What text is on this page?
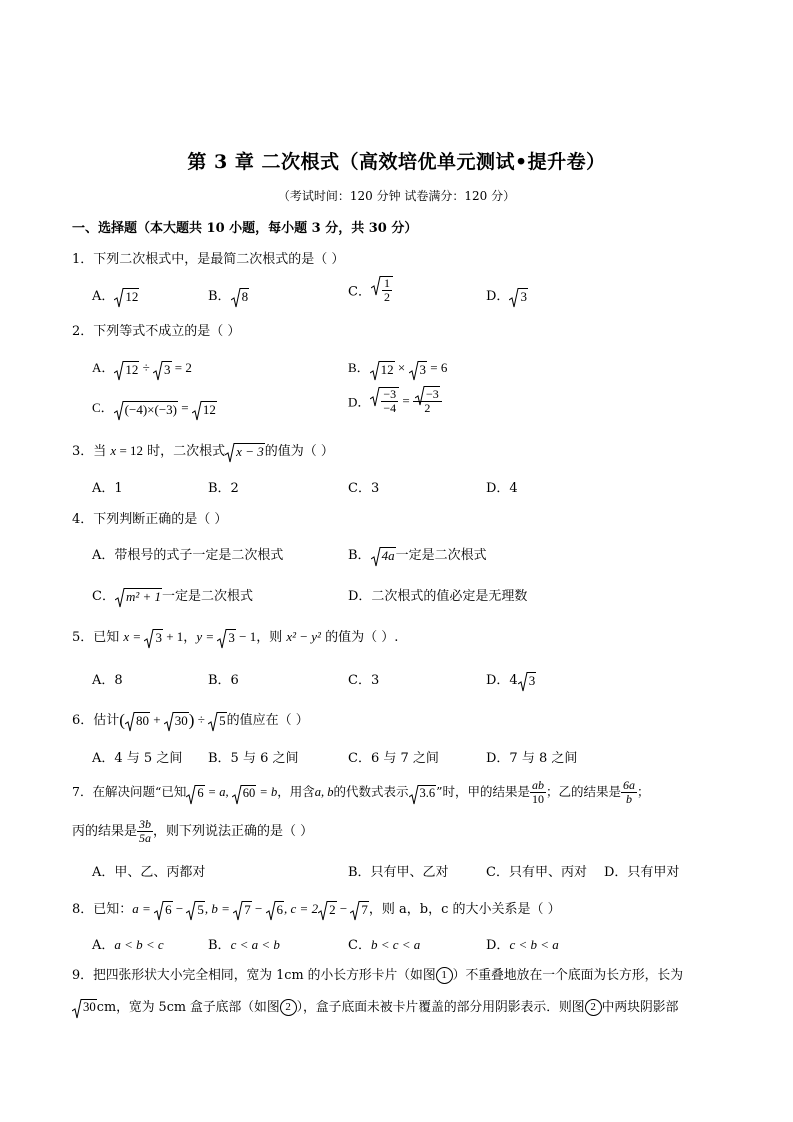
第 3 章 二次根式（高效培优单元测试•提升卷）
（考试时间：120 分钟 试卷满分：120 分）
一、选择题（本大题共 10 小题，每小题 3 分，共 30 分）
1．下列二次根式中，是最简二次根式的是（ ）
A． 12	B． 8	C． $\frac{1}{2}$	D． 3
2．下列等式不成立的是（ ）
A． 12 ÷
3 = 2	B． 12 ×
3 = 6
C． (−4)×(−3) =
12	D． $\frac{-3}{-4} = \frac{-3}{2}$
3．当 x = 12 时，二次根式 x − 3的值为（ ）
A．1	B．2	C．3	D．4
4．下列判断正确的是（ ）
A．带根号的式子一定是二次根式	B． 4a一定是二次根式
C． m² + 1一定是二次根式	D．二次根式的值必定是无理数
5．已知 x =
3 + 1，y =
3 − 1，则 x² − y² 的值为（ ）.
A．8	B．6	C．3	D．4 3
6．估计( 80 +
30) ÷
5的值应在（ ）
A．4 与 5 之间 B．5 与 6 之间	C．6 与 7 之间	D．7 与 8 之间
7．在解决问题“已知 6 = a,
60 = b，用含a, b的代数式表示 3.6”时，甲的结果是 $\frac{ab}{10}$ ；乙的结果是 $\frac{6a}{b}$ ；
丙的结果是 $\frac{3b}{5a}$ ，则下列说法正确的是（ ）
A．甲、乙、丙都对	B．只有甲、乙对	C．只有甲、丙对 D．只有甲对
8．已知：a =
6 −
5, b =
7 −
6, c = 2 2 −
7，则 a，b，c 的大小关系是（ ）
A．a < b < c	B．c < a < b	C．b < c < a	D．c < b < a
9．把四张形状大小完全相同，宽为 1cm 的小长方形卡片（如图 1 ）不重叠地放在一个底面为长方形，长为
30cm，宽为 5cm 盒子底部（如图 2 ），盒子底面未被卡片覆盖的部分用阴影表示．则图 2 中两块阴影部
